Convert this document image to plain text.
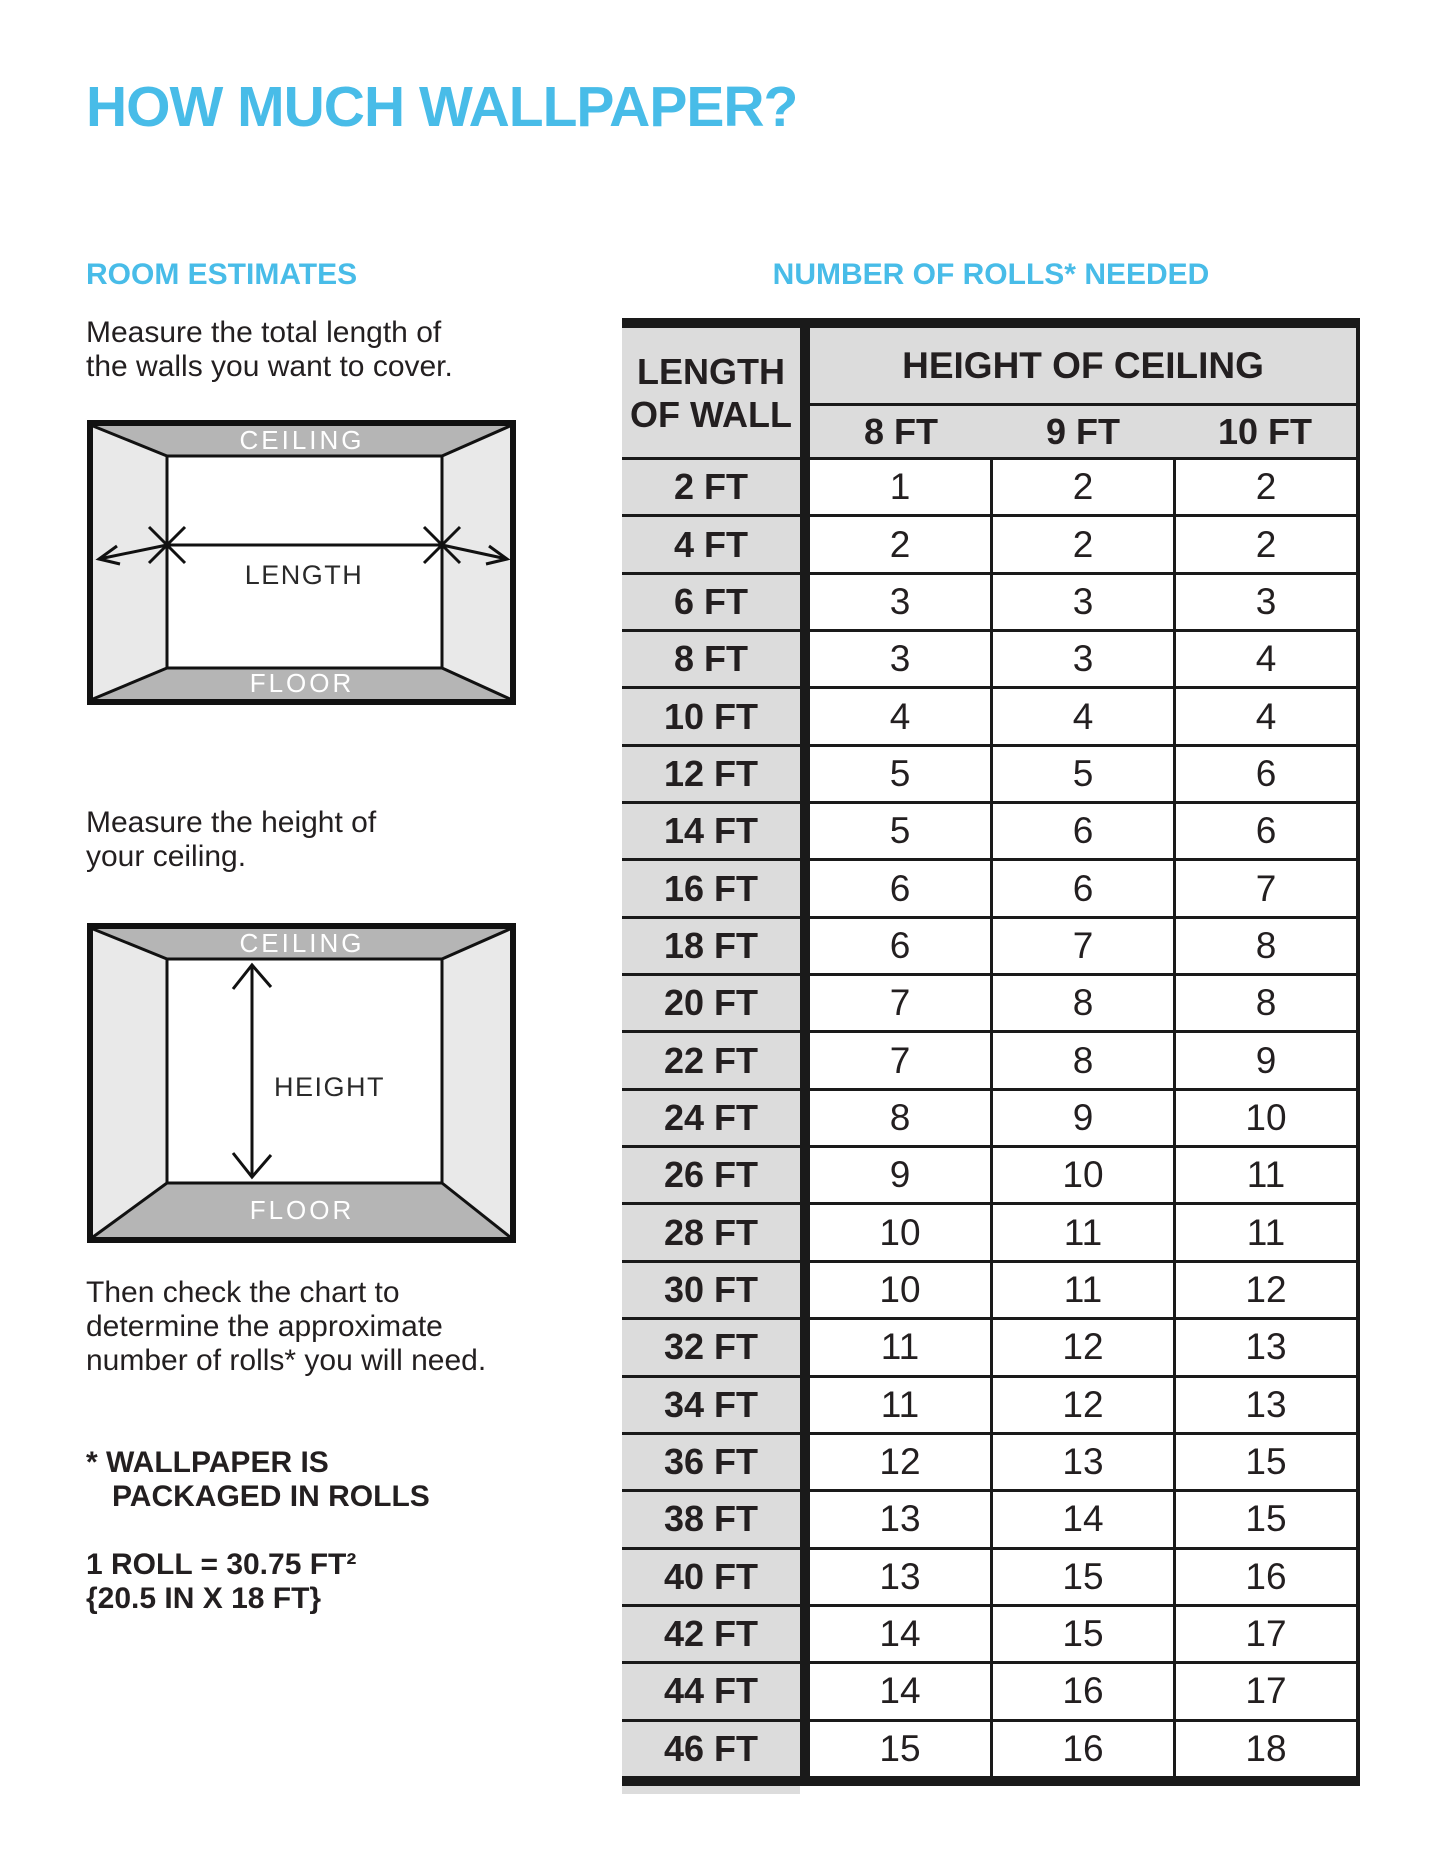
HOW MUCH WALLPAPER?
ROOM ESTIMATES

Measure the total length of
the walls you want to cover.

CEILING
FLOOR
LENGTH

Measure the height of
your ceiling.

CEILING
FLOOR
HEIGHT

Then check the chart to
determine the approximate
number of rolls* you will need.

* WALLPAPER IS
PACKAGED IN ROLLS

1 ROLL = 30.75 FT²
{20.5 IN X 18 FT}

NUMBER OF ROLLS* NEEDED
LENGTH
OF WALL
HEIGHT OF CEILING
8 FT	9 FT	10 FT
2 FT	1	2	2
4 FT	2	2	2
6 FT	3	3	3
8 FT	3	3	4
10 FT	4	4	4
12 FT	5	5	6
14 FT	5	6	6
16 FT	6	6	7
18 FT	6	7	8
20 FT	7	8	8
22 FT	7	8	9
24 FT	8	9	10
26 FT	9	10	11
28 FT	10	11	11
30 FT	10	11	12
32 FT	11	12	13
34 FT	11	12	13
36 FT	12	13	15
38 FT	13	14	15
40 FT	13	15	16
42 FT	14	15	17
44 FT	14	16	17
46 FT	15	16	18
